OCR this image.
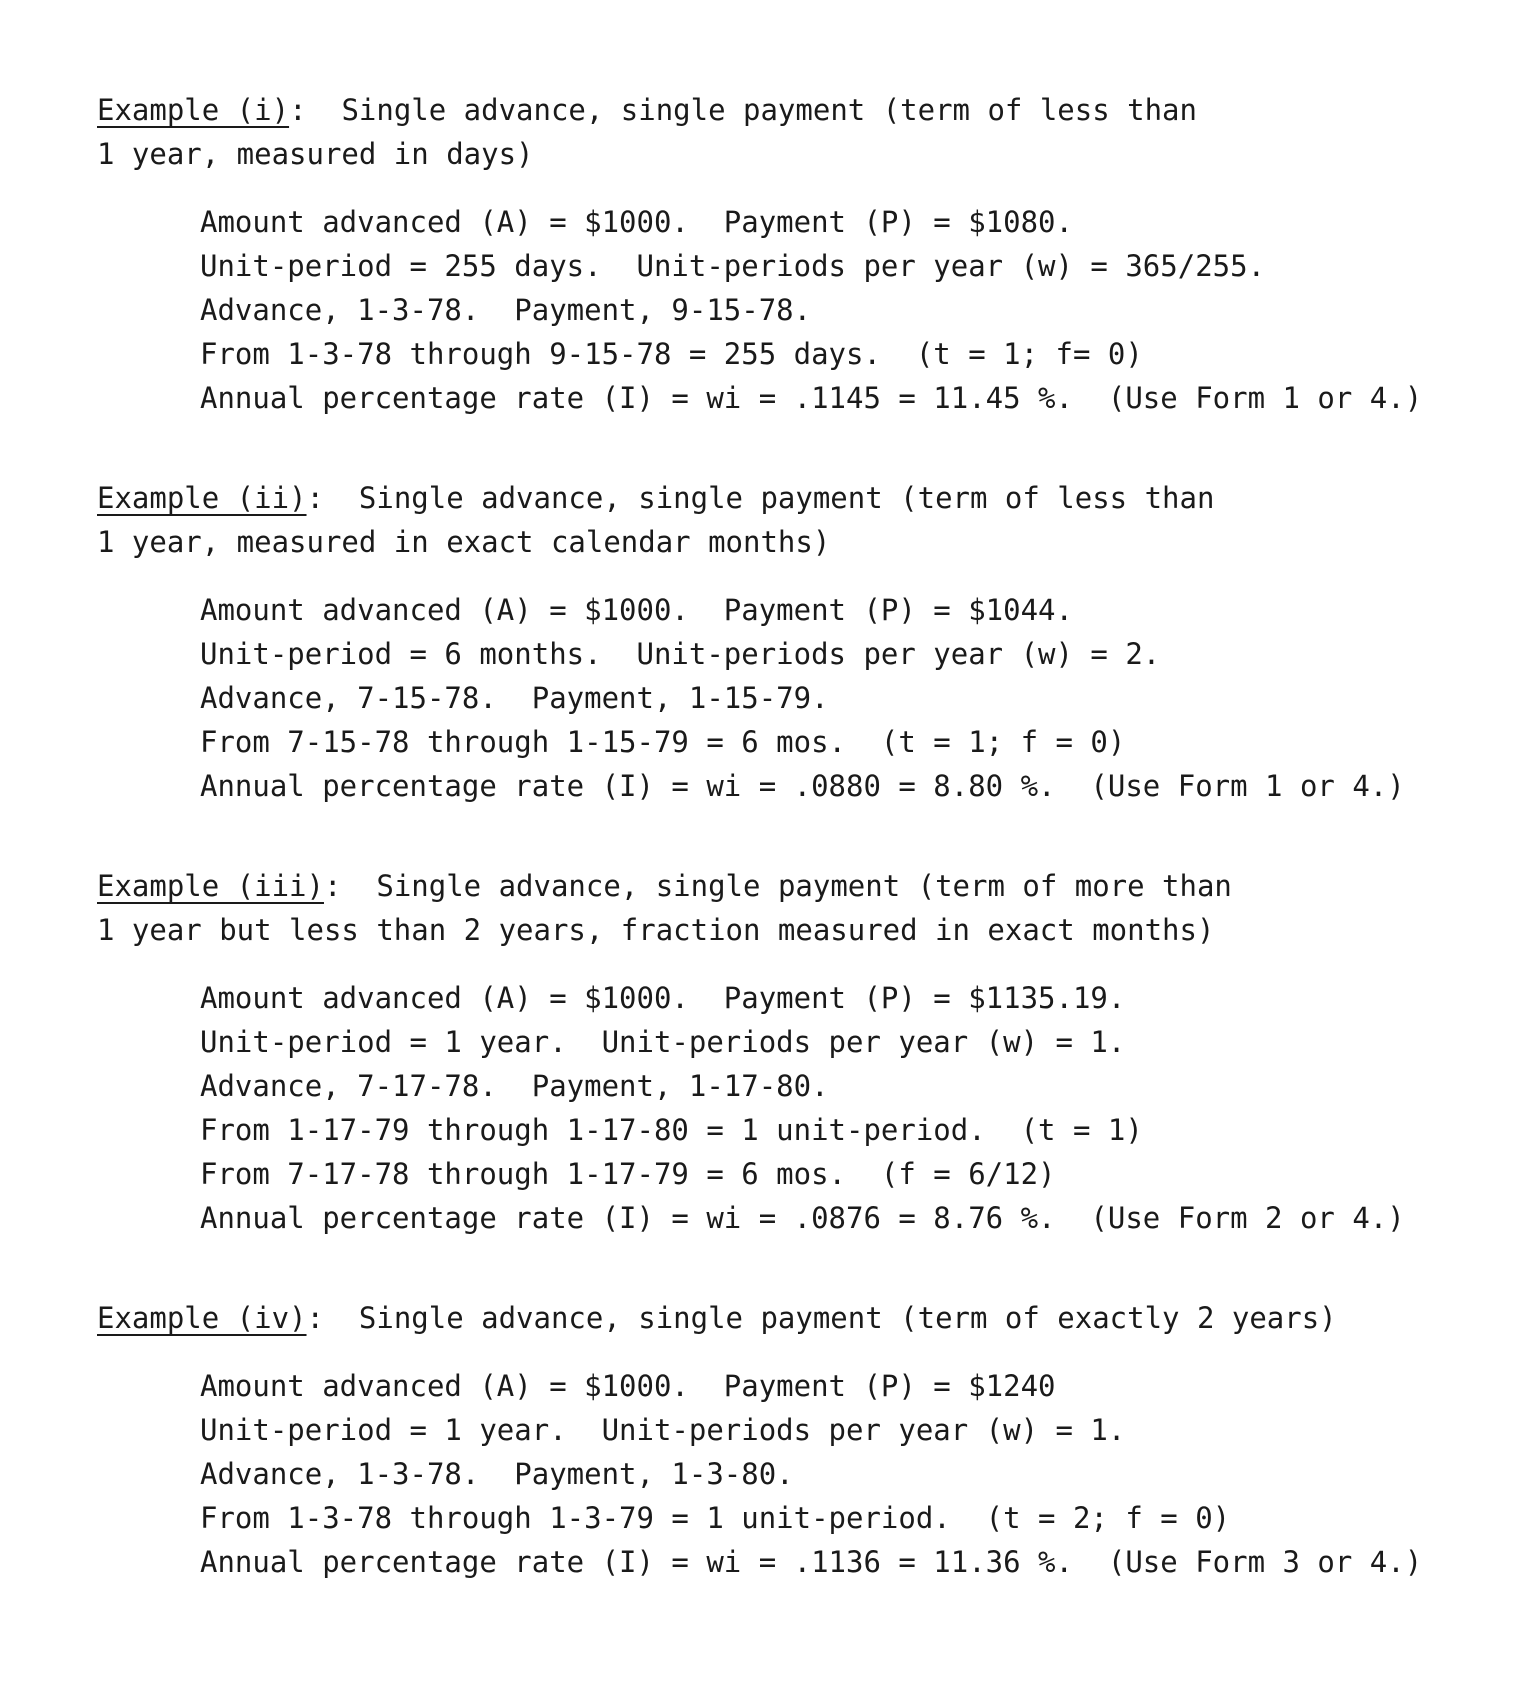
Example (i):  Single advance, single payment (term of less than
1 year, measured in days)
Amount advanced (A) = $1000.  Payment (P) = $1080.
Unit-period = 255 days.  Unit-periods per year (w) = 365/255.
Advance, 1-3-78.  Payment, 9-15-78.
From 1-3-78 through 9-15-78 = 255 days.  (t = 1; f= 0)
Annual percentage rate (I) = wi = .1145 = 11.45 %.  (Use Form 1 or 4.)
Example (ii):  Single advance, single payment (term of less than
1 year, measured in exact calendar months)
Amount advanced (A) = $1000.  Payment (P) = $1044.
Unit-period = 6 months.  Unit-periods per year (w) = 2.
Advance, 7-15-78.  Payment, 1-15-79.
From 7-15-78 through 1-15-79 = 6 mos.  (t = 1; f = 0)
Annual percentage rate (I) = wi = .0880 = 8.80 %.  (Use Form 1 or 4.)
Example (iii):  Single advance, single payment (term of more than
1 year but less than 2 years, fraction measured in exact months)
Amount advanced (A) = $1000.  Payment (P) = $1135.19.
Unit-period = 1 year.  Unit-periods per year (w) = 1.
Advance, 7-17-78.  Payment, 1-17-80.
From 1-17-79 through 1-17-80 = 1 unit-period.  (t = 1)
From 7-17-78 through 1-17-79 = 6 mos.  (f = 6/12)
Annual percentage rate (I) = wi = .0876 = 8.76 %.  (Use Form 2 or 4.)
Example (iv):  Single advance, single payment (term of exactly 2 years)
Amount advanced (A) = $1000.  Payment (P) = $1240
Unit-period = 1 year.  Unit-periods per year (w) = 1.
Advance, 1-3-78.  Payment, 1-3-80.
From 1-3-78 through 1-3-79 = 1 unit-period.  (t = 2; f = 0)
Annual percentage rate (I) = wi = .1136 = 11.36 %.  (Use Form 3 or 4.)
